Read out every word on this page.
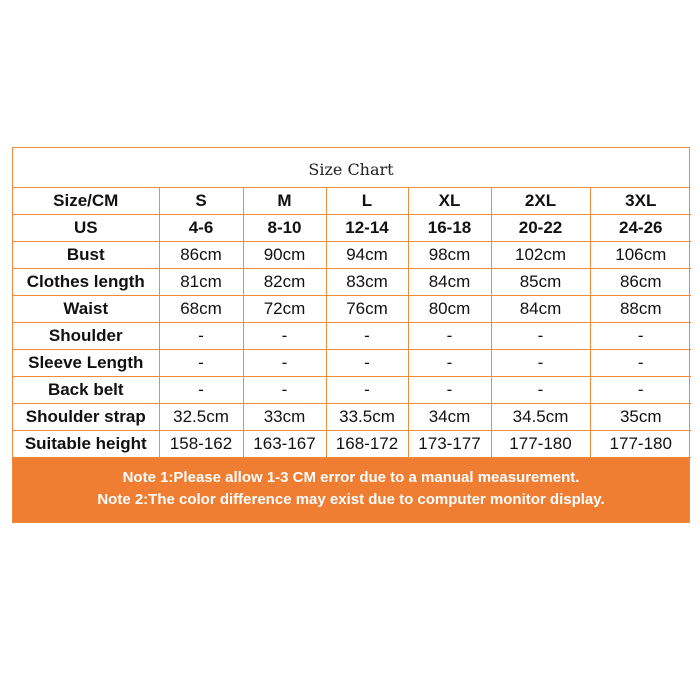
Size Chart
Size/CM	S	M	L	XL	2XL	3XL
US	4-6	8-10	12-14	16-18	20-22	24-26
Bust	86cm	90cm	94cm	98cm	102cm	106cm
Clothes length	81cm	82cm	83cm	84cm	85cm	86cm
Waist	68cm	72cm	76cm	80cm	84cm	88cm
Shoulder	-	-	-	-	-	-
Sleeve Length	-	-	-	-	-	-
Back belt	-	-	-	-	-	-
Shoulder strap	32.5cm	33cm	33.5cm	34cm	34.5cm	35cm
Suitable height	158-162	163-167	168-172	173-177	177-180	177-180
Note 1:Please allow 1-3 CM error due to a manual measurement.
Note 2:The color difference may exist due to computer monitor display.
